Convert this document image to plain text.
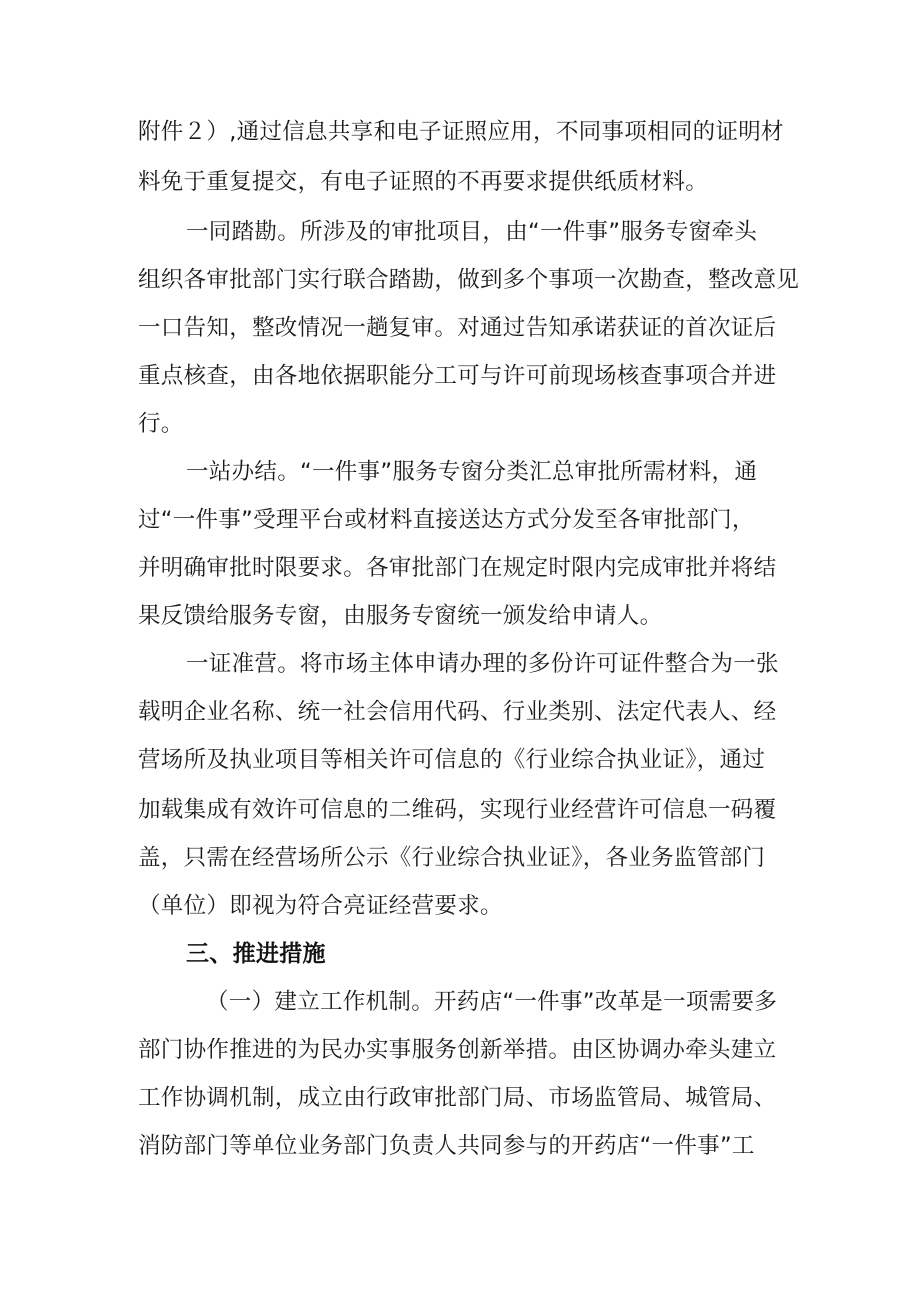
附件２）,通过信息共享和电子证照应用，不同事项相同的证明材
料免于重复提交，有电子证照的不再要求提供纸质材料。
一同踏勘。所涉及的审批项目，由“一件事”服务专窗牵头
组织各审批部门实行联合踏勘，做到多个事项一次勘查，整改意见
一口告知，整改情况一趟复审。对通过告知承诺获证的首次证后
重点核查，由各地依据职能分工可与许可前现场核查事项合并进
行。
一站办结。“一件事”服务专窗分类汇总审批所需材料，通
过“一件事”受理平台或材料直接送达方式分发至各审批部门，
并明确审批时限要求。各审批部门在规定时限内完成审批并将结
果反馈给服务专窗，由服务专窗统一颁发给申请人。
一证准营。将市场主体申请办理的多份许可证件整合为一张
载明企业名称、统一社会信用代码、行业类别、法定代表人、经
营场所及执业项目等相关许可信息的《行业综合执业证》，通过
加载集成有效许可信息的二维码，实现行业经营许可信息一码覆
盖，只需在经营场所公示《行业综合执业证》，各业务监管部门
（单位）即视为符合亮证经营要求。
三、推进措施
（一）建立工作机制。开药店“一件事”改革是一项需要多
部门协作推进的为民办实事服务创新举措。由区协调办牵头建立
工作协调机制，成立由行政审批部门局、市场监管局、城管局、
消防部门等单位业务部门负责人共同参与的开药店“一件事”工
